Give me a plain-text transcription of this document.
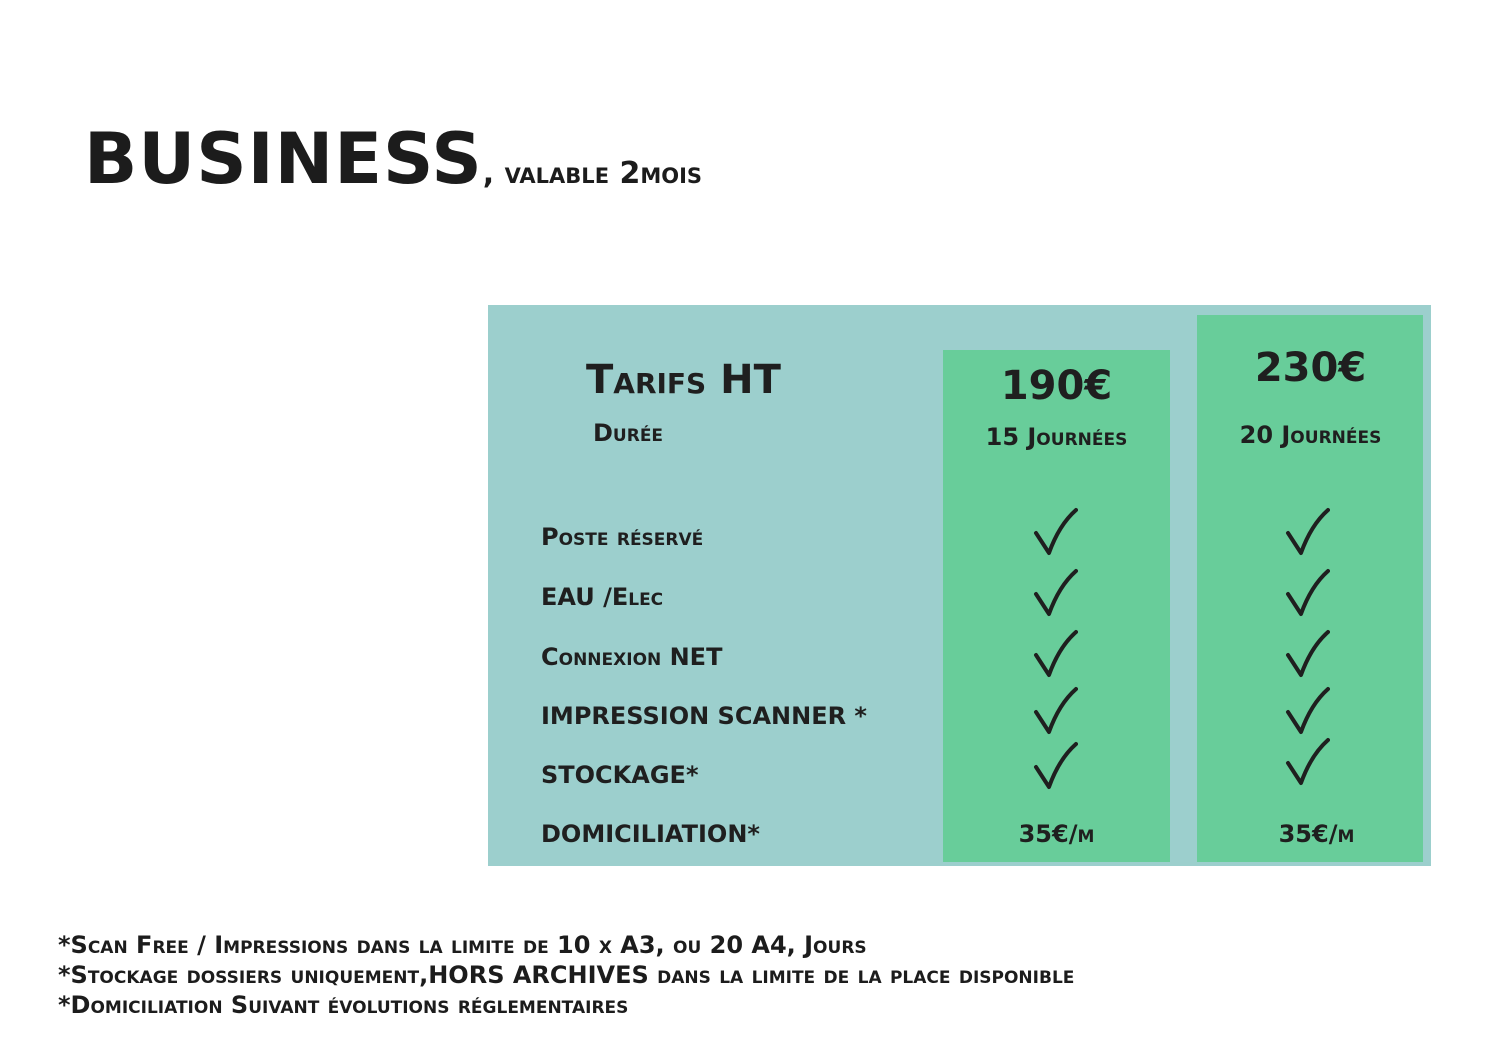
BUSINESS, valable 2mois
Tarifs HT
Durée
190€
15 Journées
230€
20 Journées
Poste réservé
EAU /Elec
Connexion NET
IMPRESSION SCANNER *
STOCKAGE*
DOMICILIATION*	35€/m	35€/m
*Scan Free / Impressions dans la limite de 10 x A3, ou 20 A4, Jours
*Stockage dossiers uniquement,HORS ARCHIVES dans la limite de la place disponible
*Domiciliation Suivant évolutions réglementaires
